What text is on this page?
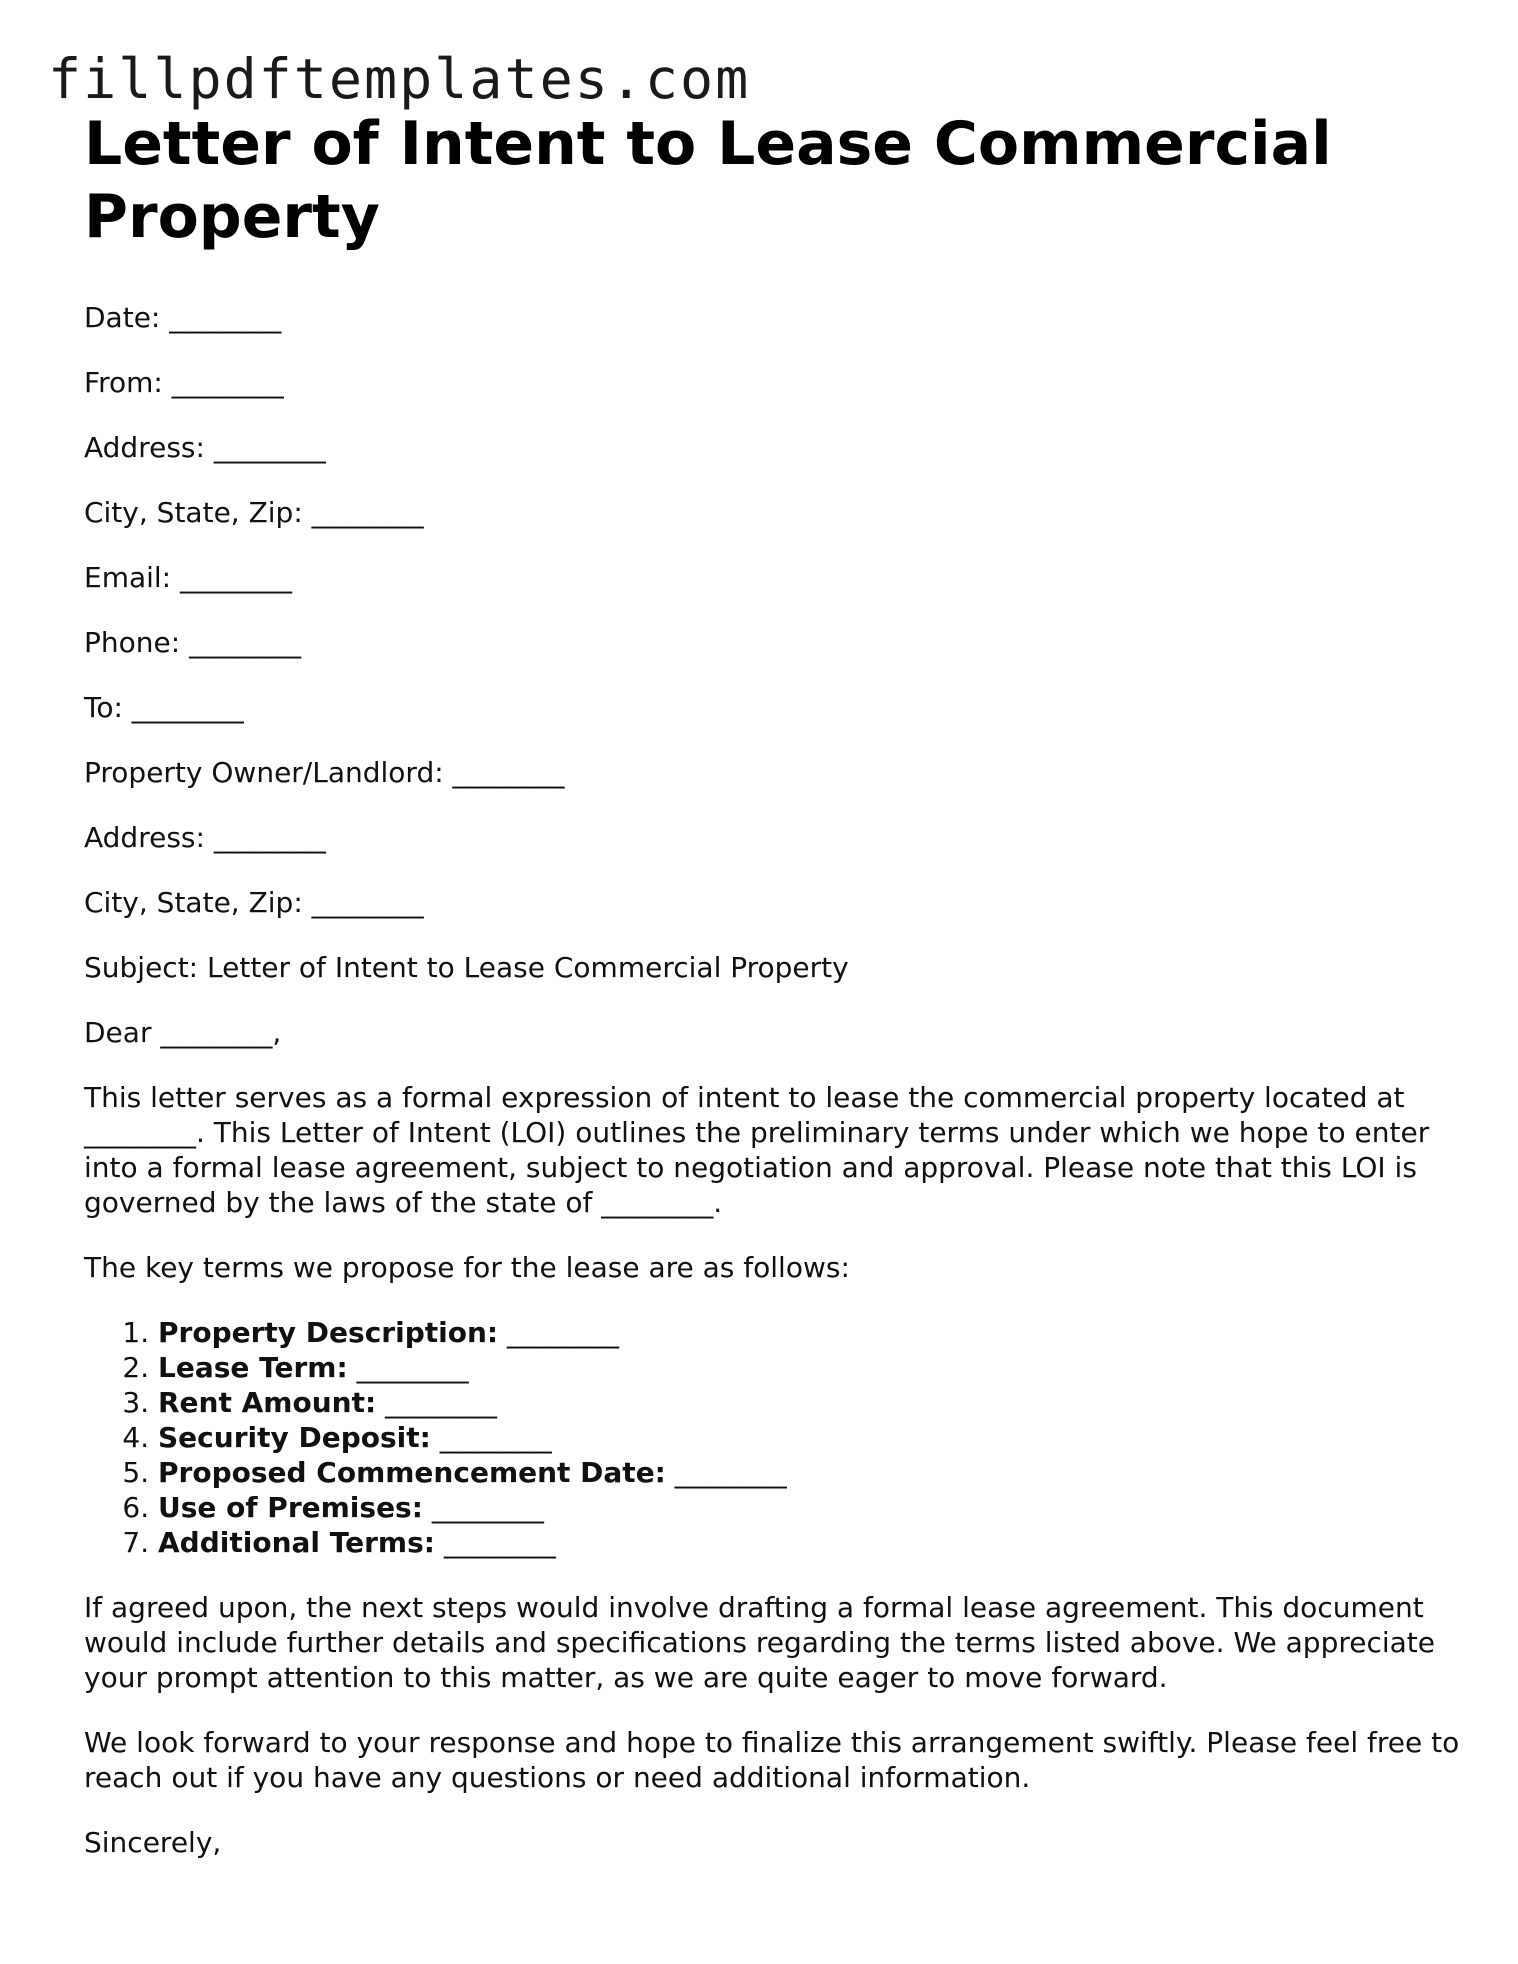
fillpdftemplates.com
Letter of Intent to Lease Commercial Property

Date: ________

From: ________

Address: ________

City, State, Zip: ________

Email: ________

Phone: ________

To: ________

Property Owner/Landlord: ________

Address: ________

City, State, Zip: ________

Subject: Letter of Intent to Lease Commercial Property

Dear ________,

This letter serves as a formal expression of intent to lease the commercial property located at ________. This Letter of Intent (LOI) outlines the preliminary terms under which we hope to enter into a formal lease agreement, subject to negotiation and approval. Please note that this LOI is governed by the laws of the state of ________.

The key terms we propose for the lease are as follows:

1. Property Description: ________
2. Lease Term: ________
3. Rent Amount: ________
4. Security Deposit: ________
5. Proposed Commencement Date: ________
6. Use of Premises: ________
7. Additional Terms: ________

If agreed upon, the next steps would involve drafting a formal lease agreement. This document would include further details and specifications regarding the terms listed above. We appreciate your prompt attention to this matter, as we are quite eager to move forward.

We look forward to your response and hope to finalize this arrangement swiftly. Please feel free to reach out if you have any questions or need additional information.

Sincerely,
